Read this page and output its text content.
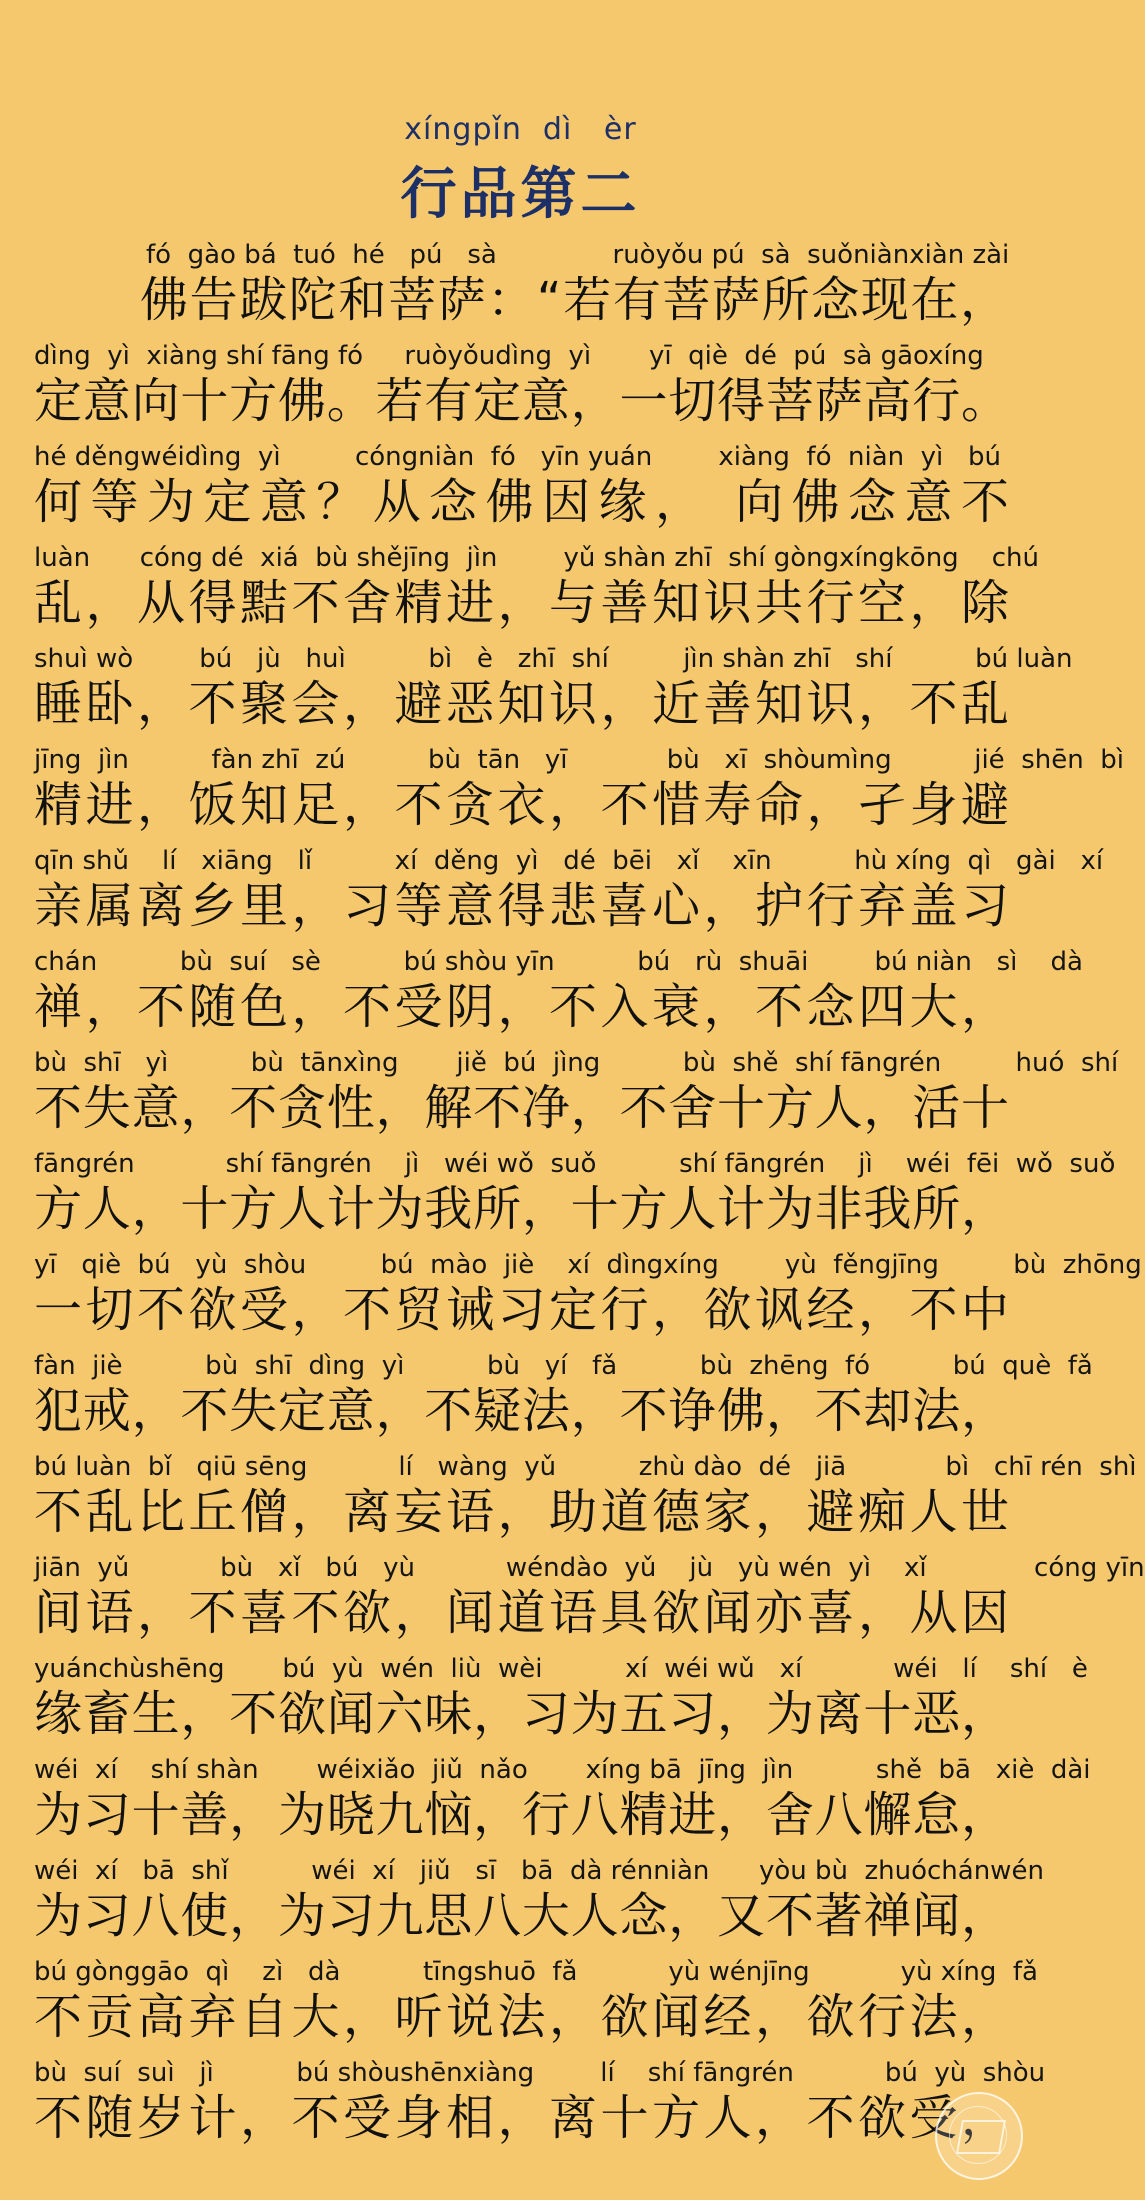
xíngpǐn  dì   èr
行品第二
fó  gào bá  tuó  hé   pú   sà              ruòyǒu pú  sà  suǒniànxiàn zài
佛告跋陀和菩萨：“若有菩萨所念现在，
dìng  yì  xiàng shí fāng fó     ruòyǒudìng  yì       yī  qiè  dé  pú  sà gāoxíng
定意向十方佛。若有定意，一切得菩萨高行。
hé děngwéidìng  yì         cóngniàn  fó   yīn yuán        xiàng  fó  niàn  yì   bú
何等为定意？从念佛因缘， 向佛念意不
luàn      cóng dé  xiá  bù shějīng  jìn        yǔ shàn zhī  shí gòngxíngkōng    chú
乱，从得黠不舍精进，与善知识共行空，除
shuì wò        bú   jù   huì          bì   è   zhī  shí         jìn shàn zhī   shí          bú luàn
睡卧，不聚会，避恶知识，近善知识，不乱
jīng  jìn          fàn zhī  zú          bù  tān   yī            bù   xī  shòumìng          jié  shēn  bì
精进，饭知足，不贪衣，不惜寿命，孑身避
qīn shǔ    lí   xiāng   lǐ          xí  děng  yì   dé  bēi   xǐ    xīn          hù xíng  qì   gài   xí
亲属离乡里，习等意得悲喜心，护行弃盖习
chán          bù  suí   sè          bú shòu yīn          bú   rù  shuāi        bú niàn   sì    dà
禅，不随色，不受阴，不入衰，不念四大，
bù  shī   yì          bù  tānxìng       jiě  bú  jìng          bù  shě  shí fāngrén         huó  shí
不失意，不贪性，解不净，不舍十方人，活十
fāngrén           shí fāngrén    jì   wéi wǒ  suǒ          shí fāngrén    jì    wéi  fēi  wǒ  suǒ
方人，十方人计为我所，十方人计为非我所，
yī   qiè  bú   yù  shòu         bú  mào  jiè    xí  dìngxíng        yù  fěngjīng         bù  zhōng
一切不欲受，不贸诫习定行，欲讽经，不中
fàn  jiè          bù  shī  dìng  yì          bù   yí   fǎ          bù  zhēng  fó          bú  què  fǎ
犯戒，不失定意，不疑法，不诤佛，不却法，
bú luàn  bǐ   qiū sēng           lí   wàng  yǔ          zhù dào  dé   jiā            bì   chī rén  shì
不乱比丘僧，离妄语，助道德家，避痴人世
jiān  yǔ           bù   xǐ   bú   yù           wéndào  yǔ    jù   yù wén  yì    xǐ             cóng yīn
间语，不喜不欲，闻道语具欲闻亦喜，从因
yuánchùshēng       bú  yù  wén  liù  wèi          xí  wéi wǔ   xí           wéi   lí    shí   è
缘畜生，不欲闻六味，习为五习，为离十恶，
wéi  xí    shí shàn       wéixiǎo  jiǔ  nǎo       xíng bā  jīng  jìn          shě  bā   xiè  dài
为习十善，为晓九恼，行八精进，舍八懈怠，
wéi  xí   bā  shǐ          wéi  xí   jiǔ   sī   bā  dà rénniàn      yòu bù  zhuóchánwén
为习八使，为习九思八大人念，又不著禅闻，
bú gònggāo  qì    zì   dà          tīngshuō  fǎ           yù wénjīng           yù xíng  fǎ
不贡高弃自大，听说法，欲闻经，欲行法，
bù  suí  suì   jì          bú shòushēnxiàng        lí    shí fāngrén           bú  yù  shòu
不随岁计，不受身相，离十方人，不欲受，
